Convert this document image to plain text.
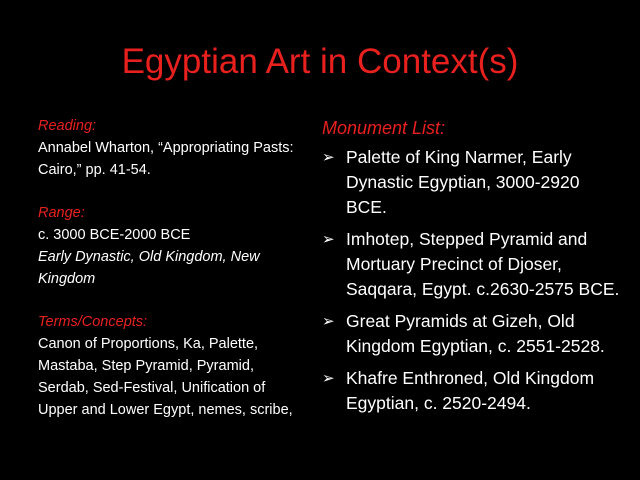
Egyptian Art in Context(s)
Reading:
Annabel Wharton, “Appropriating Pasts: Cairo,” pp. 41-54.
Range:
c. 3000 BCE-2000 BCE
Early Dynastic, Old Kingdom, New Kingdom
Terms/Concepts:
Canon of Proportions, Ka, Palette, Mastaba, Step Pyramid, Pyramid, Serdab, Sed-Festival, Unification of Upper and Lower Egypt, nemes, scribe,
Monument List:
➢ Palette of King Narmer, Early Dynastic Egyptian, 3000-2920 BCE.
➢ Imhotep, Stepped Pyramid and Mortuary Precinct of Djoser, Saqqara, Egypt. c.2630-2575 BCE.
➢ Great Pyramids at Gizeh, Old Kingdom Egyptian, c. 2551-2528.
➢ Khafre Enthroned, Old Kingdom Egyptian, c. 2520-2494.
